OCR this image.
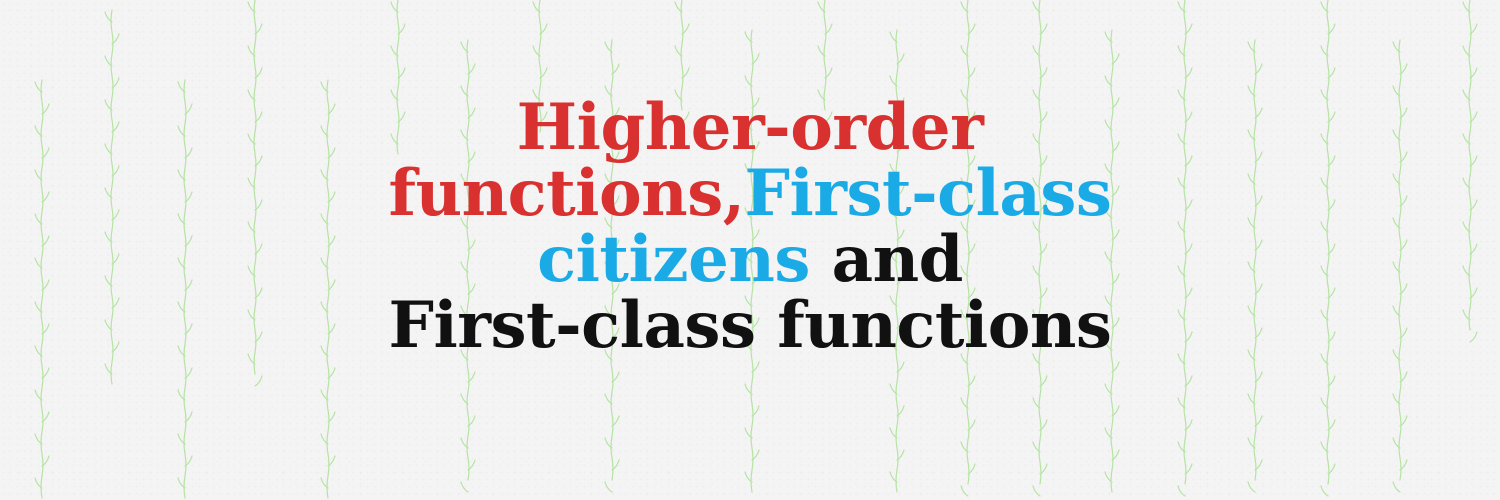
Higher-order
functions,First-class
citizens and
First-class functions
